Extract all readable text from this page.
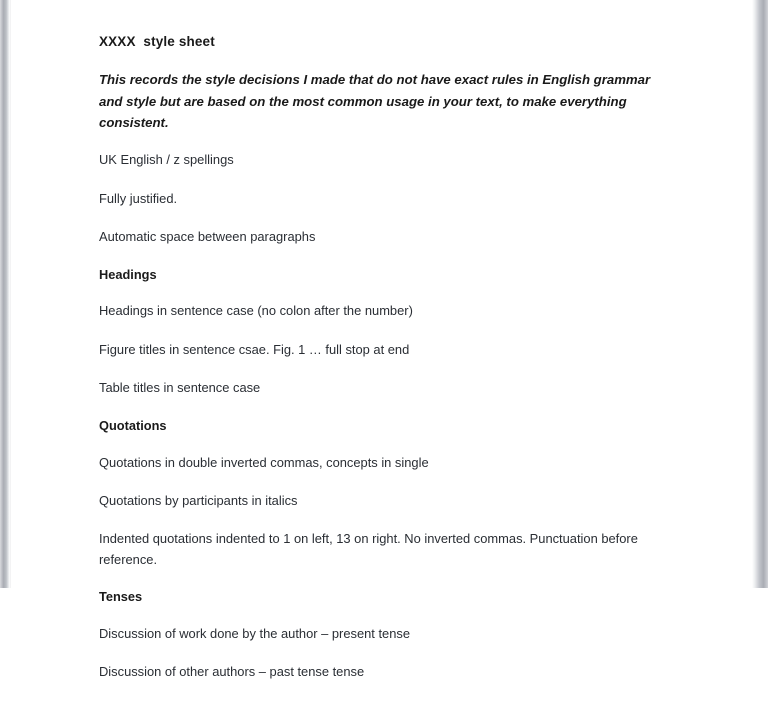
XXXX  style sheet

This records the style decisions I made that do not have exact rules in English grammar and style but are based on the most common usage in your text, to make everything consistent.

UK English / z spellings

Fully justified.

Automatic space between paragraphs

Headings

Headings in sentence case (no colon after the number)

Figure titles in sentence csae. Fig. 1 … full stop at end

Table titles in sentence case

Quotations

Quotations in double inverted commas, concepts in single

Quotations by participants in italics

Indented quotations indented to 1 on left, 13 on right. No inverted commas. Punctuation before reference.

Tenses

Discussion of work done by the author – present tense

Discussion of other authors – past tense tense
